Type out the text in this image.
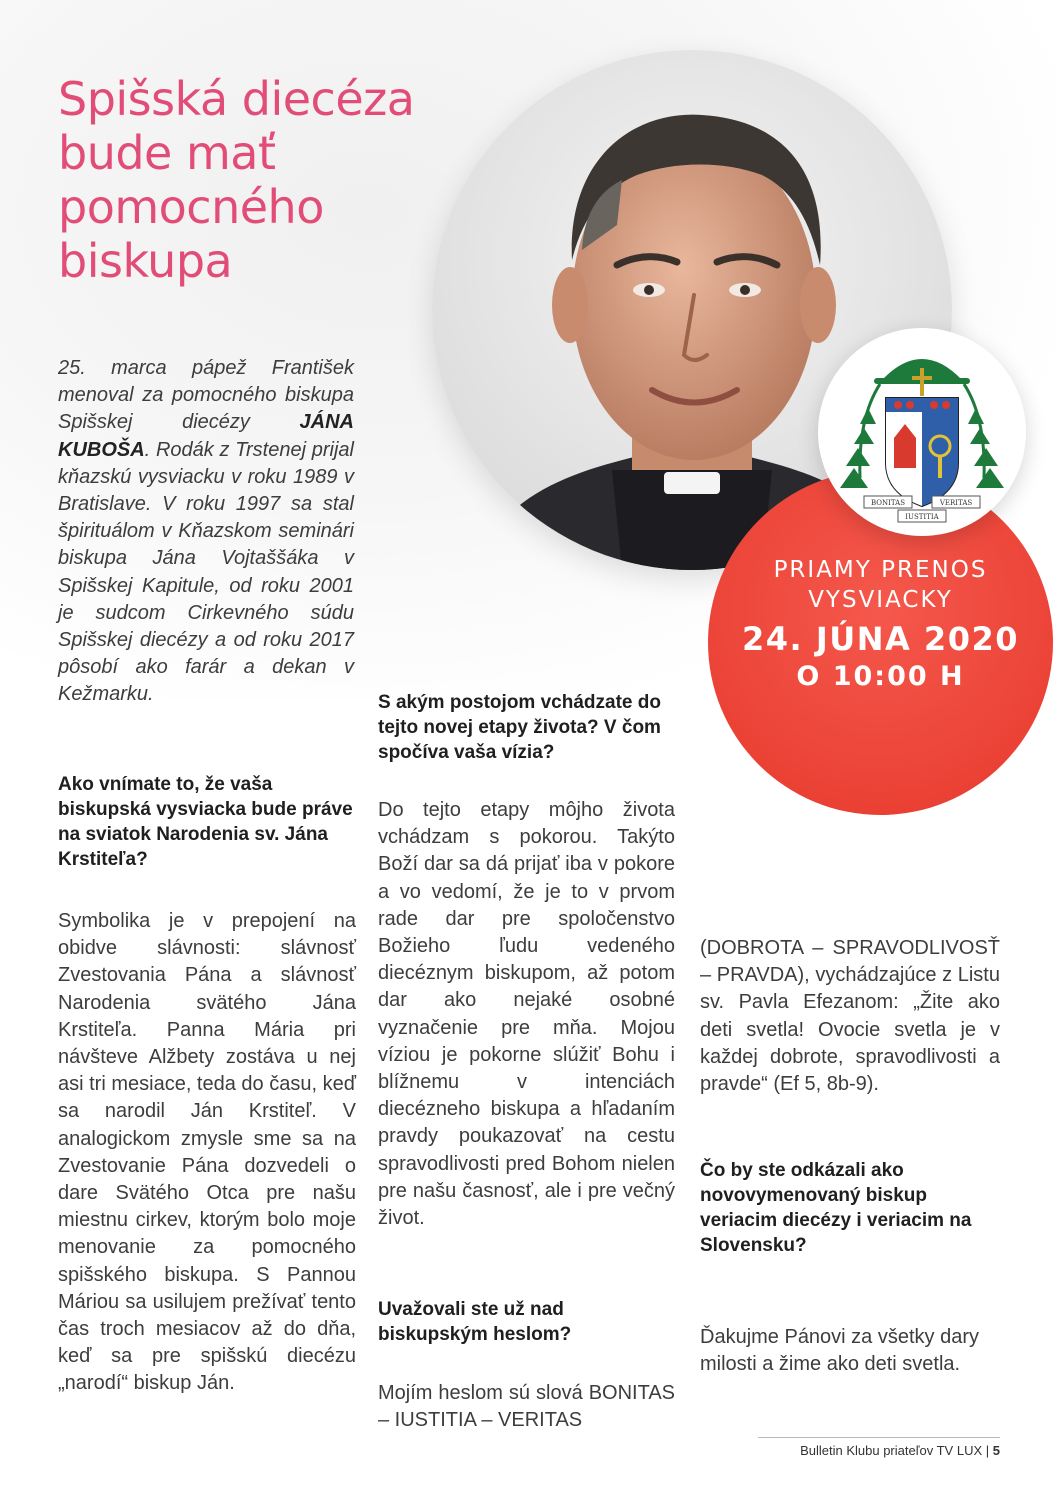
Spišská diecéza bude mať pomocného biskupa
BONITAS	VERITAS
IUSTITIA
PRIAMY PRENOS
VYSVIACKY
24. JÚNA 2020
O 10:00 H

25. marca pápež František menoval za pomocného biskupa Spišskej diecézy JÁNA KUBOŠA. Rodák z Trstenej prijal kňazskú vysviacku v roku 1989 v Bratislave. V roku 1997 sa stal špirituálom v Kňazskom seminári biskupa Jána Vojtaššáka v Spišskej Kapitule, od roku 2001 je sudcom Cirkevného súdu Spišskej diecézy a od roku 2017 pôsobí ako farár a dekan v Kežmarku.

Ako vnímate to, že vaša biskupská vysviacka bude práve na sviatok Narodenia sv. Jána Krstiteľa?

Symbolika je v prepojení na obidve slávnosti: slávnosť Zvestovania Pána a slávnosť Narodenia svätého Jána Krstiteľa. Panna Mária pri návšteve Alžbety zostáva u nej asi tri mesiace, teda do času, keď sa narodil Ján Krstiteľ. V analogickom zmysle sme sa na Zvestovanie Pána dozvedeli o dare Svätého Otca pre našu miestnu cirkev, ktorým bolo moje menovanie za pomocného spišského biskupa. S Pannou Máriou sa usilujem prežívať tento čas troch mesiacov až do dňa, keď sa pre spišskú diecézu „narodí“ biskup Ján.

S akým postojom vchádzate do tejto novej etapy života? V čom spočíva vaša vízia?

Do tejto etapy môjho života vchádzam s pokorou. Takýto Boží dar sa dá prijať iba v pokore a vo vedomí, že je to v prvom rade dar pre spoločenstvo Božieho ľudu vedeného diecéznym biskupom, až potom dar ako nejaké osobné vyznačenie pre mňa. Mojou víziou je pokorne slúžiť Bohu i blížnemu v intenciách diecézneho biskupa a hľadaním pravdy poukazovať na cestu spravodlivosti pred Bohom nielen pre našu časnosť, ale i pre večný život.

Uvažovali ste už nad biskupským heslom?

Mojím heslom sú slová BONITAS – IUSTITIA – VERITAS

(DOBROTA – SPRAVODLIVOSŤ – PRAVDA), vychádzajúce z Listu sv. Pavla Efezanom: „Žite ako deti svetla! Ovocie svetla je v každej dobrote, spravodlivosti a pravde“ (Ef 5, 8b-9).

Čo by ste odkázali ako novovymenovaný biskup veriacim diecézy i veriacim na Slovensku?

Ďakujme Pánovi za všetky dary milosti a žime ako deti svetla.

Bulletin Klubu priateľov TV LUX | 5
